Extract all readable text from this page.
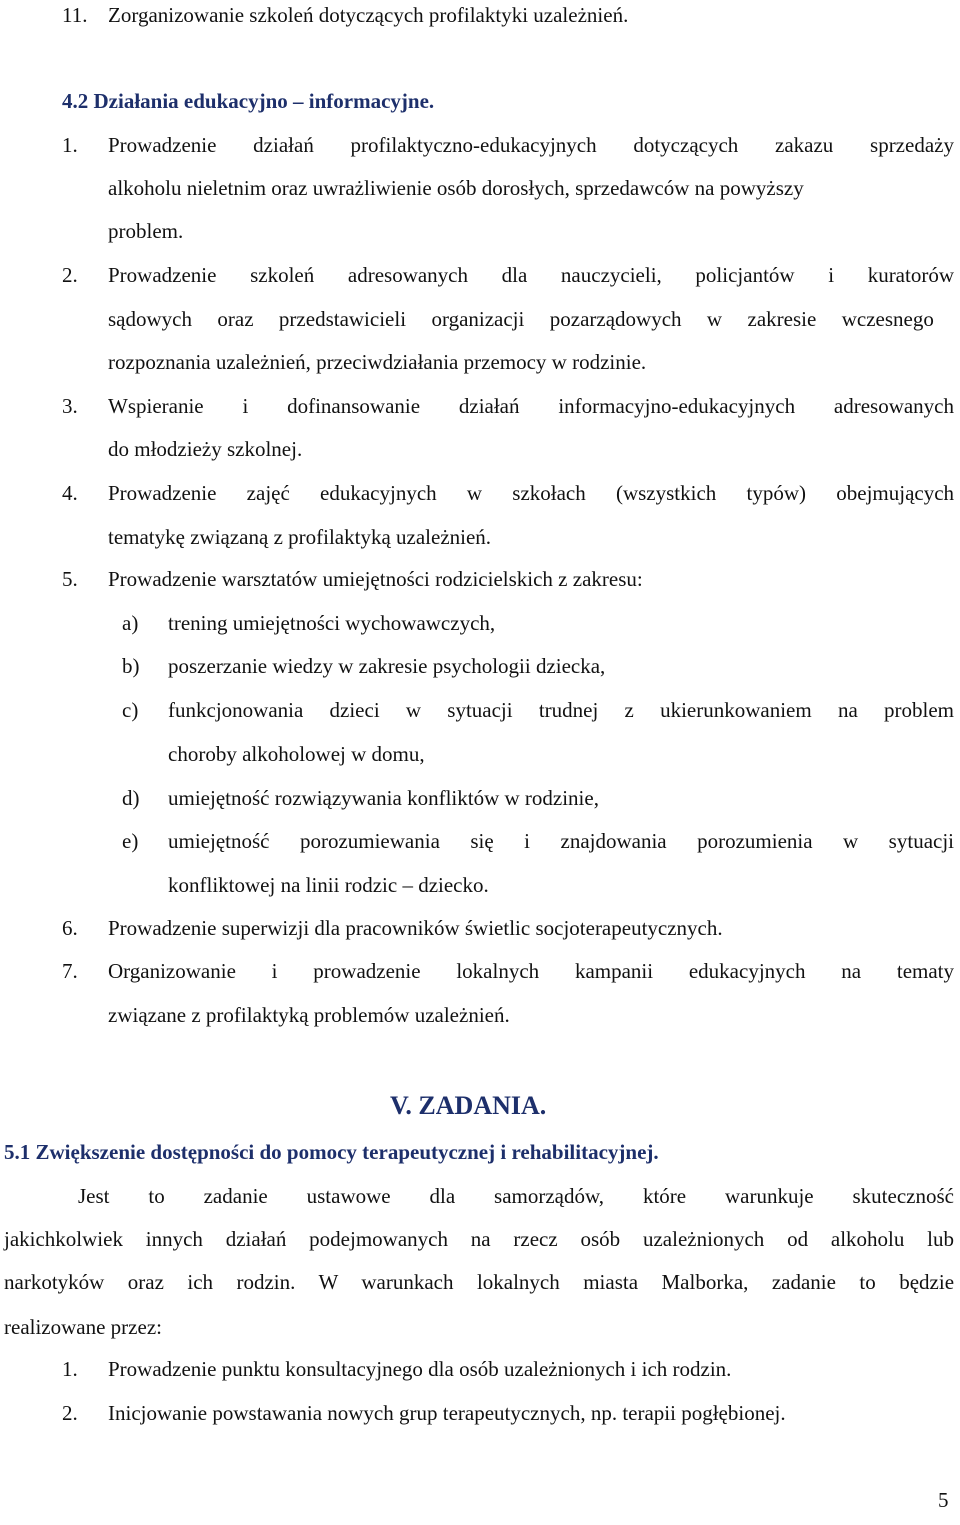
11. Zorganizowanie szkoleń dotyczących profilaktyki uzależnień.
4.2 Działania edukacyjno – informacyjne.
1. Prowadzenie działań profilaktyczno-edukacyjnych dotyczących zakazu sprzedaży
alkoholu nieletnim oraz uwrażliwienie osób dorosłych, sprzedawców na powyższy
problem.
2. Prowadzenie szkoleń adresowanych dla nauczycieli, policjantów i kuratorów
sądowych oraz przedstawicieli organizacji pozarządowych w zakresie wczesnego
rozpoznania uzależnień, przeciwdziałania przemocy w rodzinie.
3. Wspieranie i dofinansowanie działań informacyjno-edukacyjnych adresowanych
do młodzieży szkolnej.
4. Prowadzenie zajęć edukacyjnych w szkołach (wszystkich typów) obejmujących
tematykę związaną z profilaktyką uzależnień.
5. Prowadzenie warsztatów umiejętności rodzicielskich z zakresu:
a) trening umiejętności wychowawczych,
b) poszerzanie wiedzy w zakresie psychologii dziecka,
c) funkcjonowania dzieci w sytuacji trudnej z ukierunkowaniem na problem
choroby alkoholowej w domu,
d) umiejętność rozwiązywania konfliktów w rodzinie,
e) umiejętność porozumiewania się i znajdowania porozumienia w sytuacji
konfliktowej na linii rodzic – dziecko.
6. Prowadzenie superwizji dla pracowników świetlic socjoterapeutycznych.
7. Organizowanie i prowadzenie lokalnych kampanii edukacyjnych na tematy
związane z profilaktyką problemów uzależnień.
V. ZADANIA.
5.1 Zwiększenie dostępności do pomocy terapeutycznej i rehabilitacyjnej.
Jest to zadanie ustawowe dla samorządów, które warunkuje skuteczność
jakichkolwiek innych działań podejmowanych na rzecz osób uzależnionych od alkoholu lub
narkotyków oraz ich rodzin. W warunkach lokalnych miasta Malborka, zadanie to będzie
realizowane przez:
1. Prowadzenie punktu konsultacyjnego dla osób uzależnionych i ich rodzin.
2. Inicjowanie powstawania nowych grup terapeutycznych, np. terapii pogłębionej.
5
